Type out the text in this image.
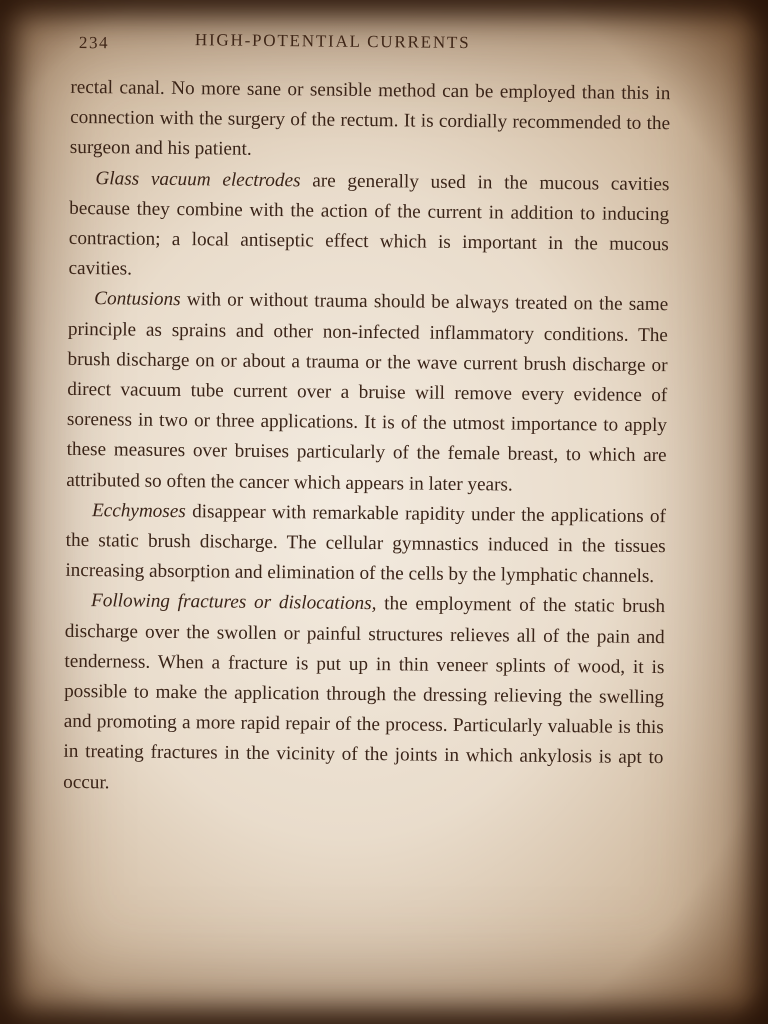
234	HIGH-POTENTIAL CURRENTS

rectal canal. No more sane or sensible method can be employed than this in connection with the surgery of the rectum. It is cordially recommended to the surgeon and his patient.

Glass vacuum electrodes are generally used in the mucous cavities because they combine with the action of the current in addition to inducing contraction; a local antiseptic effect which is important in the mucous cavities.

Contusions with or without trauma should be always treated on the same principle as sprains and other non-infected inflammatory conditions. The brush discharge on or about a trauma or the wave current brush discharge or direct vacuum tube current over a bruise will remove every evidence of soreness in two or three applications. It is of the utmost importance to apply these measures over bruises particularly of the female breast, to which are attributed so often the cancer which appears in later years.

Ecchymoses disappear with remarkable rapidity under the applications of the static brush discharge. The cellular gymnastics induced in the tissues increasing absorption and elimination of the cells by the lymphatic channels.

Following fractures or dislocations, the employment of the static brush discharge over the swollen or painful structures relieves all of the pain and tenderness. When a fracture is put up in thin veneer splints of wood, it is possible to make the application through the dressing relieving the swelling and promoting a more rapid repair of the process. Particularly valuable is this in treating fractures in the vicinity of the joints in which ankylosis is apt to occur.
